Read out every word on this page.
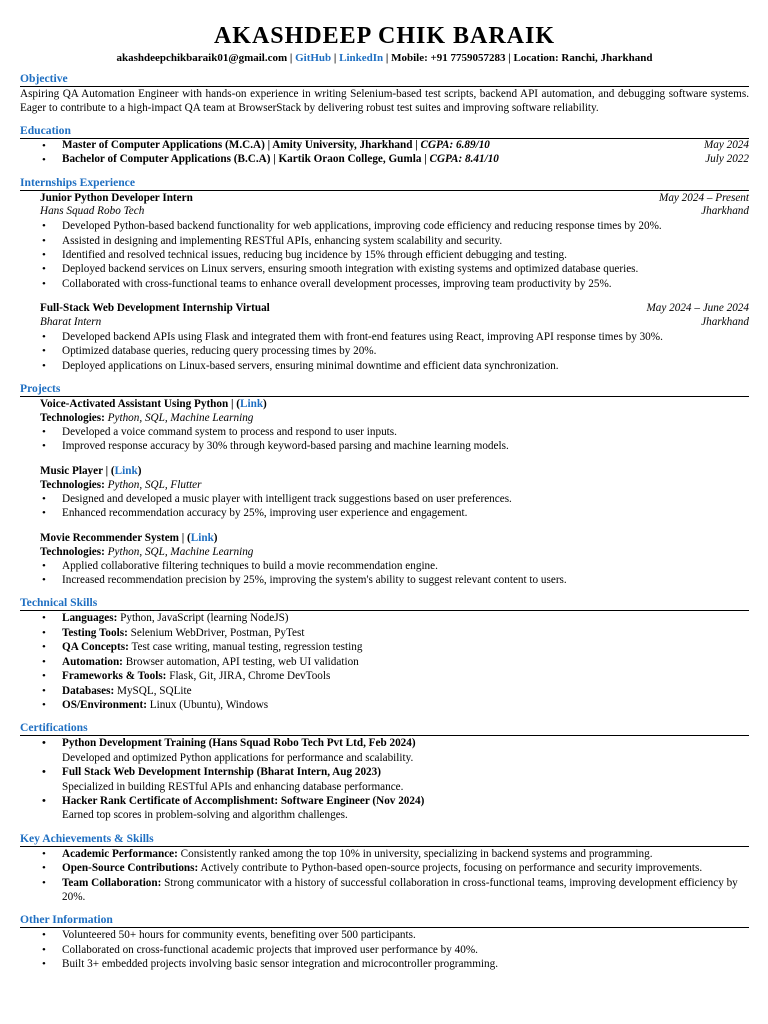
AKASHDEEP CHIK BARAIK
akashdeepchikbaraik01@gmail.com | GitHub | LinkedIn | Mobile: +91 7759057283 | Location: Ranchi, Jharkhand
Objective
Aspiring QA Automation Engineer with hands-on experience in writing Selenium-based test scripts, backend API automation, and debugging software systems. Eager to contribute to a high-impact QA team at BrowserStack by delivering robust test suites and improving software reliability.
Education
• Master of Computer Applications (M.C.A) | Amity University, Jharkhand | CGPA: 6.89/10	May 2024
• Bachelor of Computer Applications (B.C.A) | Kartik Oraon College, Gumla | CGPA: 8.41/10	July 2022
Internships Experience
Junior Python Developer Intern	May 2024 – Present
Hans Squad Robo Tech	Jharkhand
• Developed Python-based backend functionality for web applications, improving code efficiency and reducing response times by 20%.
• Assisted in designing and implementing RESTful APIs, enhancing system scalability and security.
• Identified and resolved technical issues, reducing bug incidence by 15% through efficient debugging and testing.
• Deployed backend services on Linux servers, ensuring smooth integration with existing systems and optimized database queries.
• Collaborated with cross-functional teams to enhance overall development processes, improving team productivity by 25%.
Full-Stack Web Development Internship Virtual	May 2024 – June 2024
Bharat Intern	Jharkhand
• Developed backend APIs using Flask and integrated them with front-end features using React, improving API response times by 30%.
• Optimized database queries, reducing query processing times by 20%.
• Deployed applications on Linux-based servers, ensuring minimal downtime and efficient data synchronization.
Projects
Voice-Activated Assistant Using Python | (Link)
Technologies: Python, SQL, Machine Learning
• Developed a voice command system to process and respond to user inputs.
• Improved response accuracy by 30% through keyword-based parsing and machine learning models.
Music Player | (Link)
Technologies: Python, SQL, Flutter
• Designed and developed a music player with intelligent track suggestions based on user preferences.
• Enhanced recommendation accuracy by 25%, improving user experience and engagement.
Movie Recommender System | (Link)
Technologies: Python, SQL, Machine Learning
• Applied collaborative filtering techniques to build a movie recommendation engine.
• Increased recommendation precision by 25%, improving the system's ability to suggest relevant content to users.
Technical Skills
• Languages: Python, JavaScript (learning NodeJS)
• Testing Tools: Selenium WebDriver, Postman, PyTest
• QA Concepts: Test case writing, manual testing, regression testing
• Automation: Browser automation, API testing, web UI validation
• Frameworks & Tools: Flask, Git, JIRA, Chrome DevTools
• Databases: MySQL, SQLite
• OS/Environment: Linux (Ubuntu), Windows
Certifications
• Python Development Training (Hans Squad Robo Tech Pvt Ltd, Feb 2024)
Developed and optimized Python applications for performance and scalability.
• Full Stack Web Development Internship (Bharat Intern, Aug 2023)
Specialized in building RESTful APIs and enhancing database performance.
• Hacker Rank Certificate of Accomplishment: Software Engineer (Nov 2024)
Earned top scores in problem-solving and algorithm challenges.
Key Achievements & Skills
• Academic Performance: Consistently ranked among the top 10% in university, specializing in backend systems and programming.
• Open-Source Contributions: Actively contribute to Python-based open-source projects, focusing on performance and security improvements.
• Team Collaboration: Strong communicator with a history of successful collaboration in cross-functional teams, improving development efficiency by 20%.
Other Information
• Volunteered 50+ hours for community events, benefiting over 500 participants.
• Collaborated on cross-functional academic projects that improved user performance by 40%.
• Built 3+ embedded projects involving basic sensor integration and microcontroller programming.
